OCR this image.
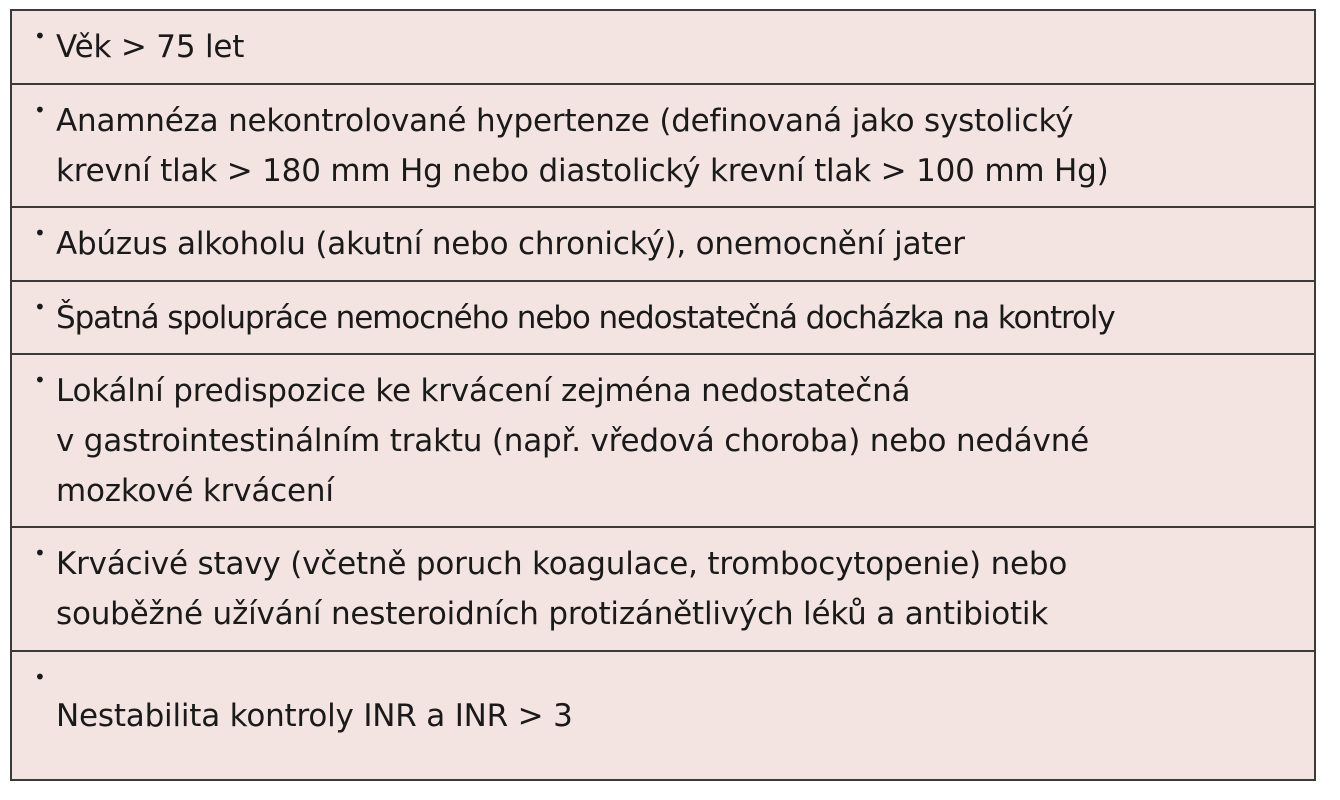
• Věk > 75 let
• Anamnéza nekontrolované hypertenze (definovaná jako systolický
krevní tlak > 180 mm Hg nebo diastolický krevní tlak > 100 mm Hg)
• Abúzus alkoholu (akutní nebo chronický), onemocnění jater
• Špatná spolupráce nemocného nebo nedostatečná docházka na kontroly
• Lokální predispozice ke krvácení zejména nedostatečná
v gastrointestinálním traktu (např. vředová choroba) nebo nedávné
mozkové krvácení
• Krvácivé stavy (včetně poruch koagulace, trombocytopenie) nebo
souběžné užívání nesteroidních protizánětlivých léků a antibiotik
•
Nestabilita kontroly INR a INR > 3
